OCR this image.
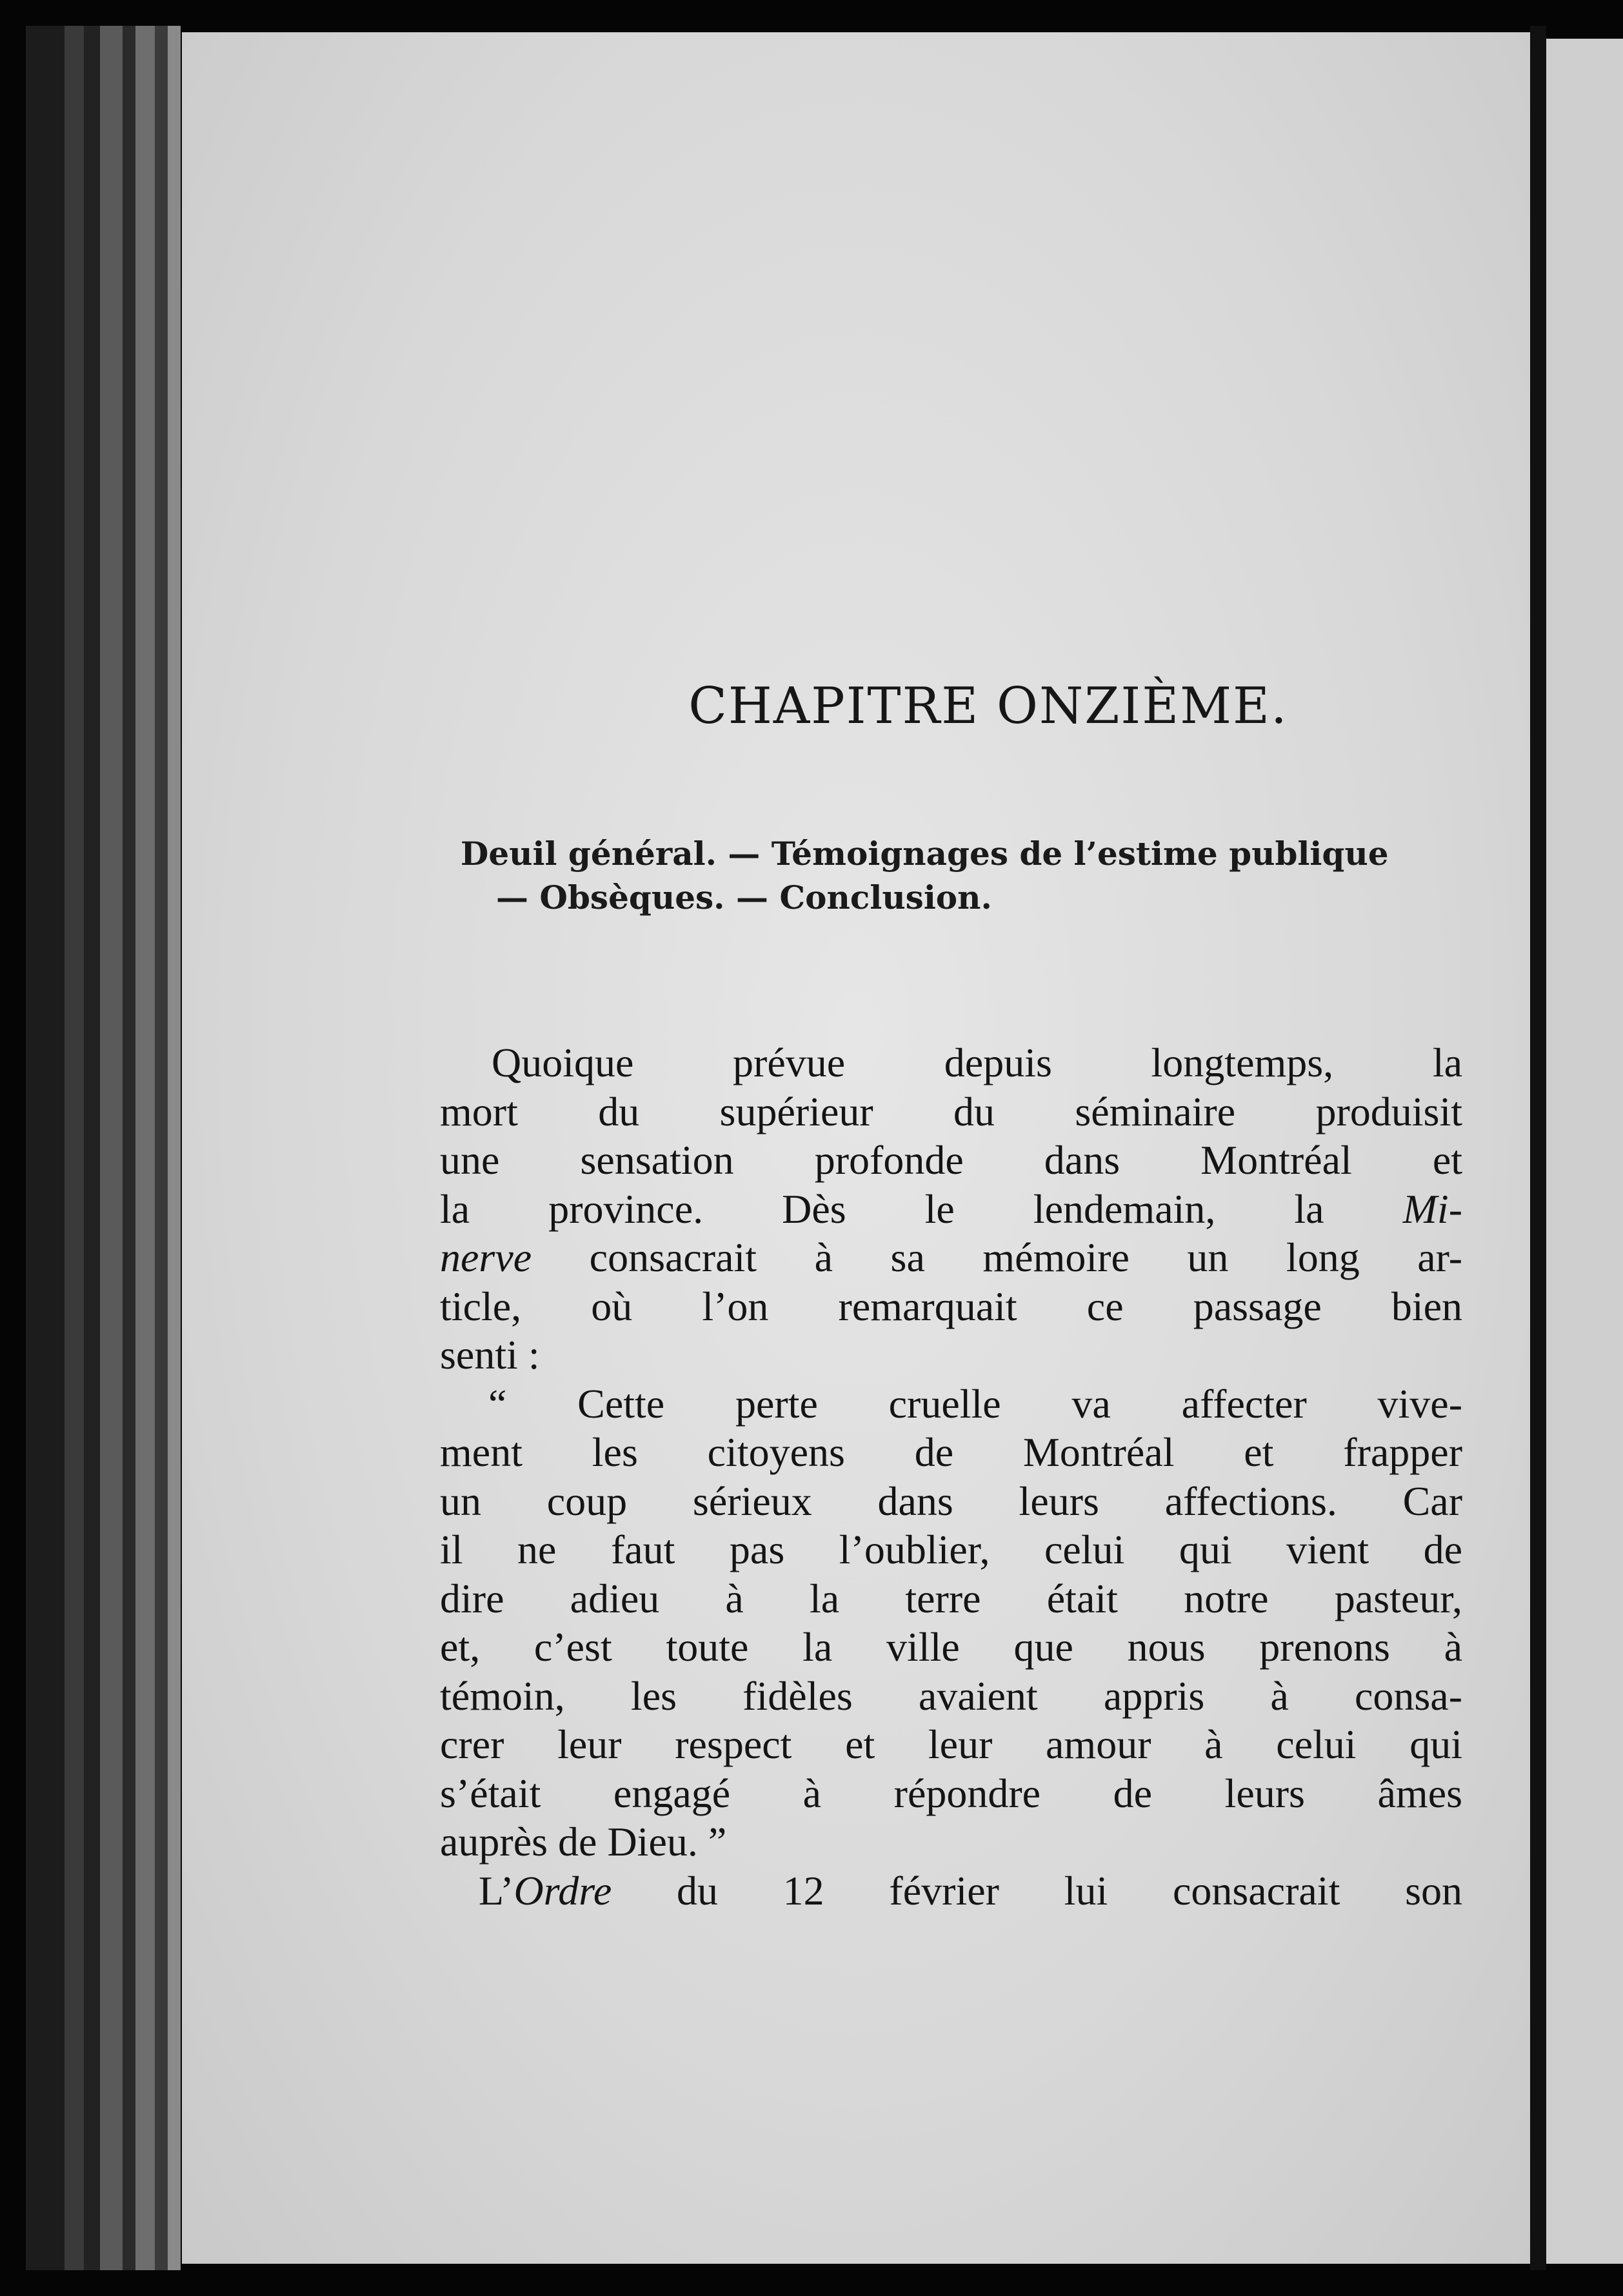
CHAPITRE ONZIÈME.
Deuil général. — Témoignages de l’estime publique
— Obsèques. — Conclusion.
Quoique prévue depuis longtemps, la
mort du supérieur du séminaire produisit
une sensation profonde dans Montréal et
la province. Dès le lendemain, la Mi-
nerve consacrait à sa mémoire un long ar-
ticle, où l’on remarquait ce passage bien
senti :
“ Cette perte cruelle va affecter vive-
ment les citoyens de Montréal et frapper
un coup sérieux dans leurs affections. Car
il ne faut pas l’oublier, celui qui vient de
dire adieu à la terre était notre pasteur,
et, c’est toute la ville que nous prenons à
témoin, les fidèles avaient appris à consa-
crer leur respect et leur amour à celui qui
s’était engagé à répondre de leurs âmes
auprès de Dieu. ”
L’Ordre du 12 février lui consacrait son
